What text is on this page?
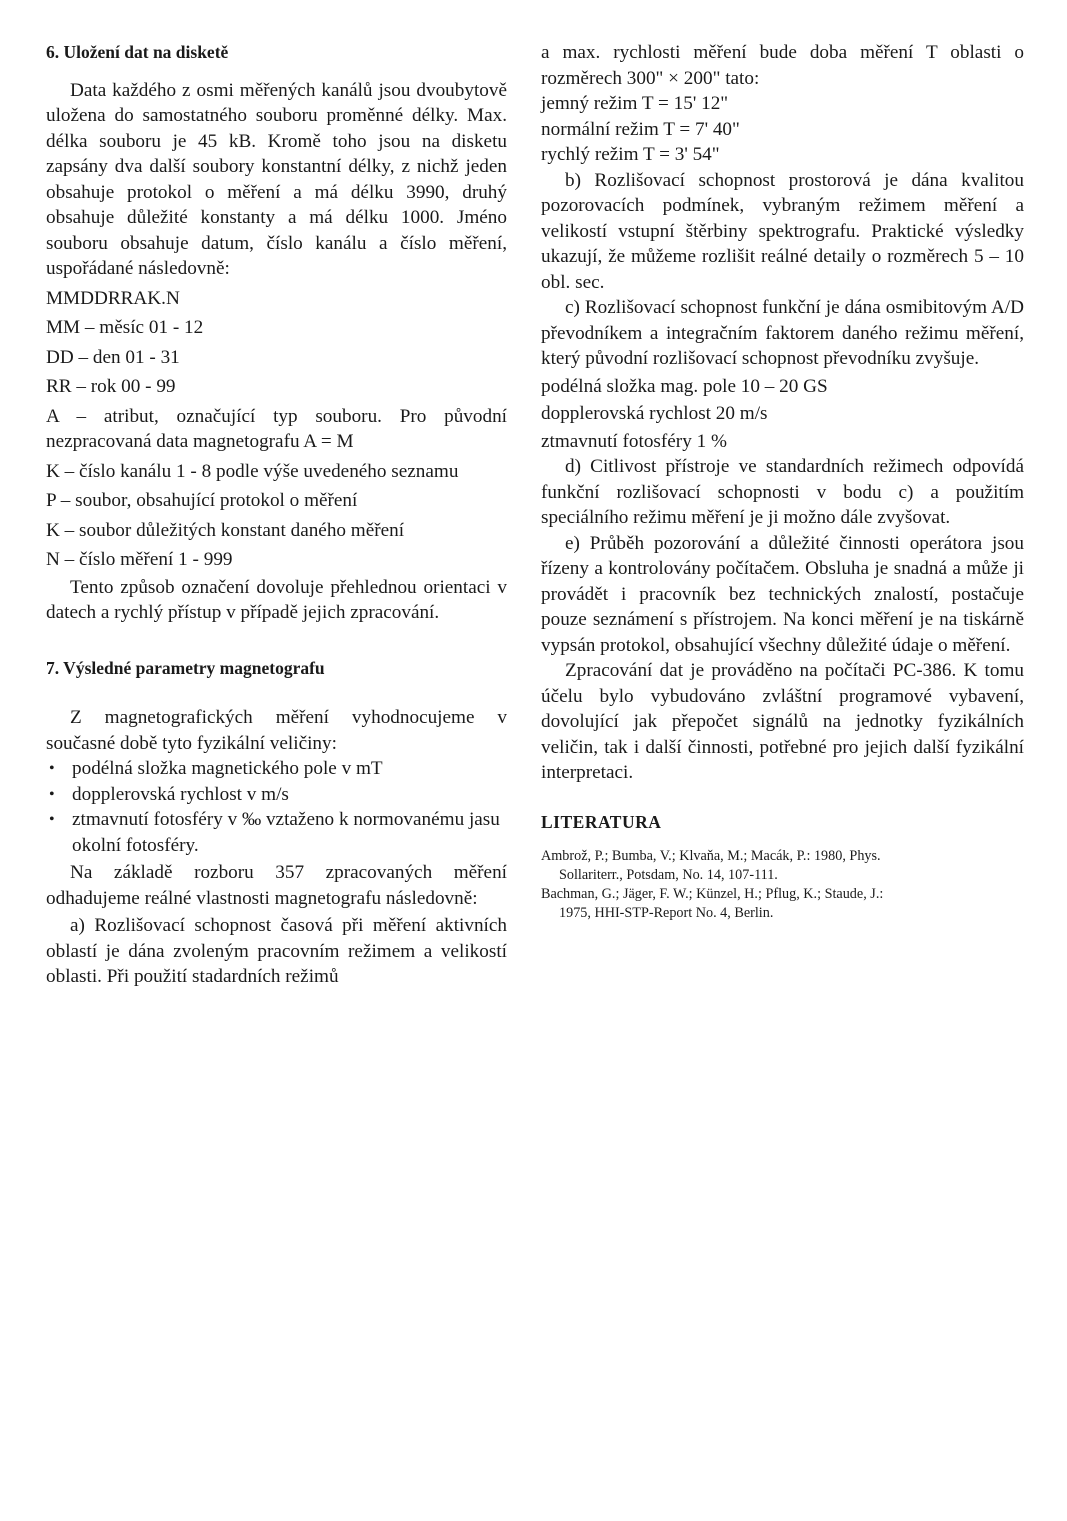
6. Uložení dat na disketě

Data každého z osmi měřených kanálů jsou dvoubytově uložena do samostatného souboru proměnné délky. Max. délka souboru je 45 kB. Kromě toho jsou na disketu zapsány dva další soubory konstantní délky, z nichž jeden obsahuje protokol o měření a má délku 3990, druhý obsahuje důležité konstanty a má délku 1000. Jméno souboru obsahuje datum, číslo kanálu a číslo měření, uspořádané následovně:

MMDDRRAK.N

MM – měsíc 01 - 12

DD – den 01 - 31

RR – rok 00 - 99

A – atribut, označující typ souboru. Pro původní nezpracovaná data magnetografu A = M

K – číslo kanálu 1 - 8 podle výše uvedeného seznamu

P – soubor, obsahující protokol o měření

K – soubor důležitých konstant daného měření

N – číslo měření 1 - 999

Tento způsob označení dovoluje přehlednou orientaci v datech a rychlý přístup v případě jejich zpracování.

7. Výsledné parametry magnetografu

Z magnetografických měření vyhodnocujeme v současné době tyto fyzikální veličiny:

• podélná složka magnetického pole v mT
• dopplerovská rychlost v m/s
• ztmavnutí fotosféry v ‰ vztaženo k normovanému jasu okolní fotosféry.

Na základě rozboru 357 zpracovaných měření odhadujeme reálné vlastnosti magnetografu následovně:

a) Rozlišovací schopnost časová při měření aktivních oblastí je dána zvoleným pracovním režimem a velikostí oblasti. Při použití stadardních režimů

a max. rychlosti měření bude doba měření T oblasti o rozměrech 300" × 200" tato:

jemný režim T = 15' 12"

normální režim T = 7' 40"

rychlý režim T = 3' 54"

b) Rozlišovací schopnost prostorová je dána kvalitou pozorovacích podmínek, vybraným režimem měření a velikostí vstupní štěrbiny spektrografu. Praktické výsledky ukazují, že můžeme rozlišit reálné detaily o rozměrech 5 – 10 obl. sec.

c) Rozlišovací schopnost funkční je dána osmibitovým A/D převodníkem a integračním faktorem daného režimu měření, který původní rozlišovací schopnost převodníku zvyšuje.

podélná složka mag. pole 10 – 20 GS

dopplerovská rychlost 20 m/s

ztmavnutí fotosféry 1 %

d) Citlivost přístroje ve standardních režimech odpovídá funkční rozlišovací schopnosti v bodu c) a použitím speciálního režimu měření je ji možno dále zvyšovat.

e) Průběh pozorování a důležité činnosti operátora jsou řízeny a kontrolovány počítačem. Obsluha je snadná a může ji provádět i pracovník bez technických znalostí, postačuje pouze seznámení s přístrojem. Na konci měření je na tiskárně vypsán protokol, obsahující všechny důležité údaje o měření.

Zpracování dat je prováděno na počítači PC-386. K tomu účelu bylo vybudováno zvláštní programové vybavení, dovolující jak přepočet signálů na jednotky fyzikálních veličin, tak i další činnosti, potřebné pro jejich další fyzikální interpretaci.

LITERATURA

Ambrož, P.; Bumba, V.; Klvaňa, M.; Macák, P.: 1980, Phys.

Sollariterr., Potsdam, No. 14, 107-111.

Bachman, G.; Jäger, F. W.; Künzel, H.; Pflug, K.; Staude, J.:

1975, HHI-STP-Report No. 4, Berlin.
